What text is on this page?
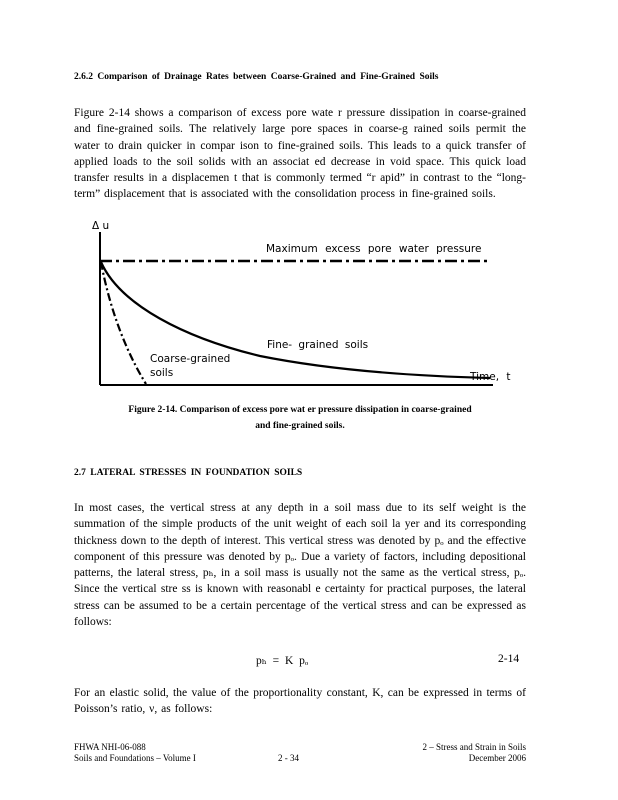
2.6.2 Comparison of Drainage Rates between Coarse-Grained and Fine-Grained Soils

Figure 2-14 shows a comparison of excess pore wate r pressure dissipation in coarse-grained and fine-grained soils. The relatively large pore spaces in coarse-g rained soils permit the water to drain quicker in compar ison to fine-grained soils. This leads to a quick transfer of applied loads to the soil solids with an associat ed decrease in void space. This quick load transfer results in a displacemen t that is commonly termed “r apid” in contrast to the “long-term” displacement that is associated with the consolidation process in fine-grained soils.

Δ u
Maximum excess pore water pressure
Fine- grained soils
Coarse-grained
soils	Time, t
Figure 2-14. Comparison of excess pore wat er pressure dissipation in coarse-grained
and fine-grained soils.
2.7 LATERAL STRESSES IN FOUNDATION SOILS

In most cases, the vertical stress at any depth in a soil mass due to its self weight is the summation of the simple products of the unit weight of each soil la yer and its corresponding thickness down to the depth of interest. This vertical stress was denoted by pₒ and the effective component of this pressure was denoted by pₒ. Due a variety of factors, including depositional patterns, the lateral stress, pₕ, in a soil mass is usually not the same as the vertical stress, pₒ. Since the vertical stre ss is known with reasonabl e certainty for practical purposes, the lateral stress can be assumed to be a certain percentage of the vertical stress and can be expressed as follows:

pₕ = K pₒ	2-14

For an elastic solid, the value of the proportionality constant, K, can be expressed in terms of Poisson’s ratio, ν, as follows:

FHWA NHI-06-088
Soils and Foundations – Volume I	2 - 34
2 – Stress and Strain in Soils
December 2006
